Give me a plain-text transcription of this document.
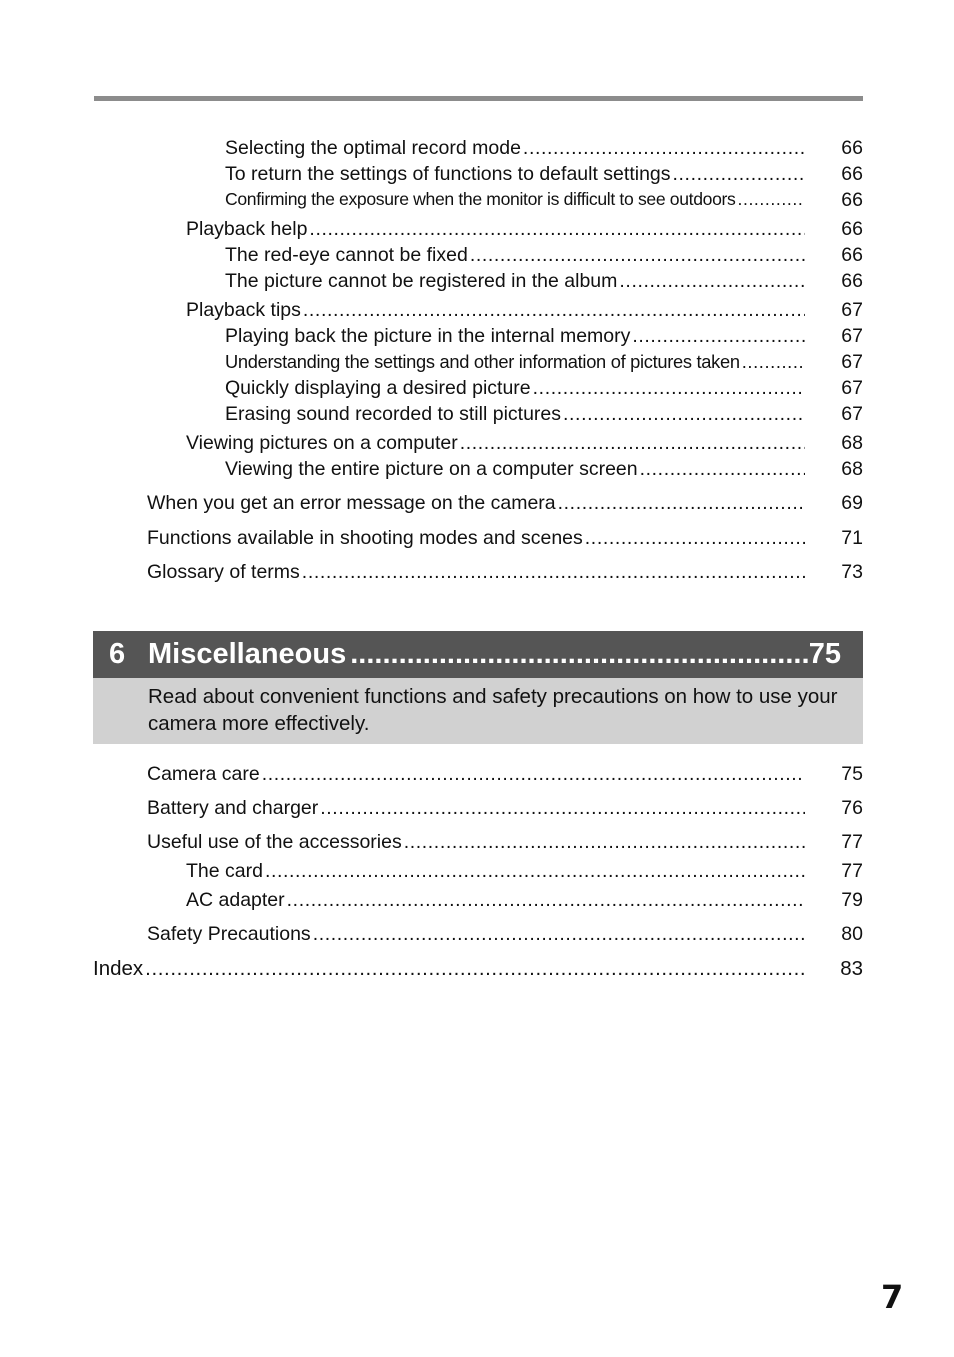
Selecting the optimal record mode .....	66
To return the settings of functions to default settings .....	66
Confirming the exposure when the monitor is difficult to see outdoors .....	66
Playback help .....	66
The red-eye cannot be fixed .....	66
The picture cannot be registered in the album .....	66
Playback tips .....	67
Playing back the picture in the internal memory .....	67
Understanding the settings and other information of pictures taken .....	67
Quickly displaying a desired picture .....	67
Erasing sound recorded to still pictures .....	67
Viewing pictures on a computer .....	68
Viewing the entire picture on a computer screen .....	68
When you get an error message on the camera .....	69
Functions available in shooting modes and scenes .....	71
Glossary of terms .....	73
6 Miscellaneous .....	75

Read about convenient functions and safety precautions on how to use your camera more effectively.

Camera care .....	75
Battery and charger .....	76
Useful use of the accessories .....	77
The card .....	77
AC adapter .....	79
Safety Precautions .....	80
Index .....	83
7
